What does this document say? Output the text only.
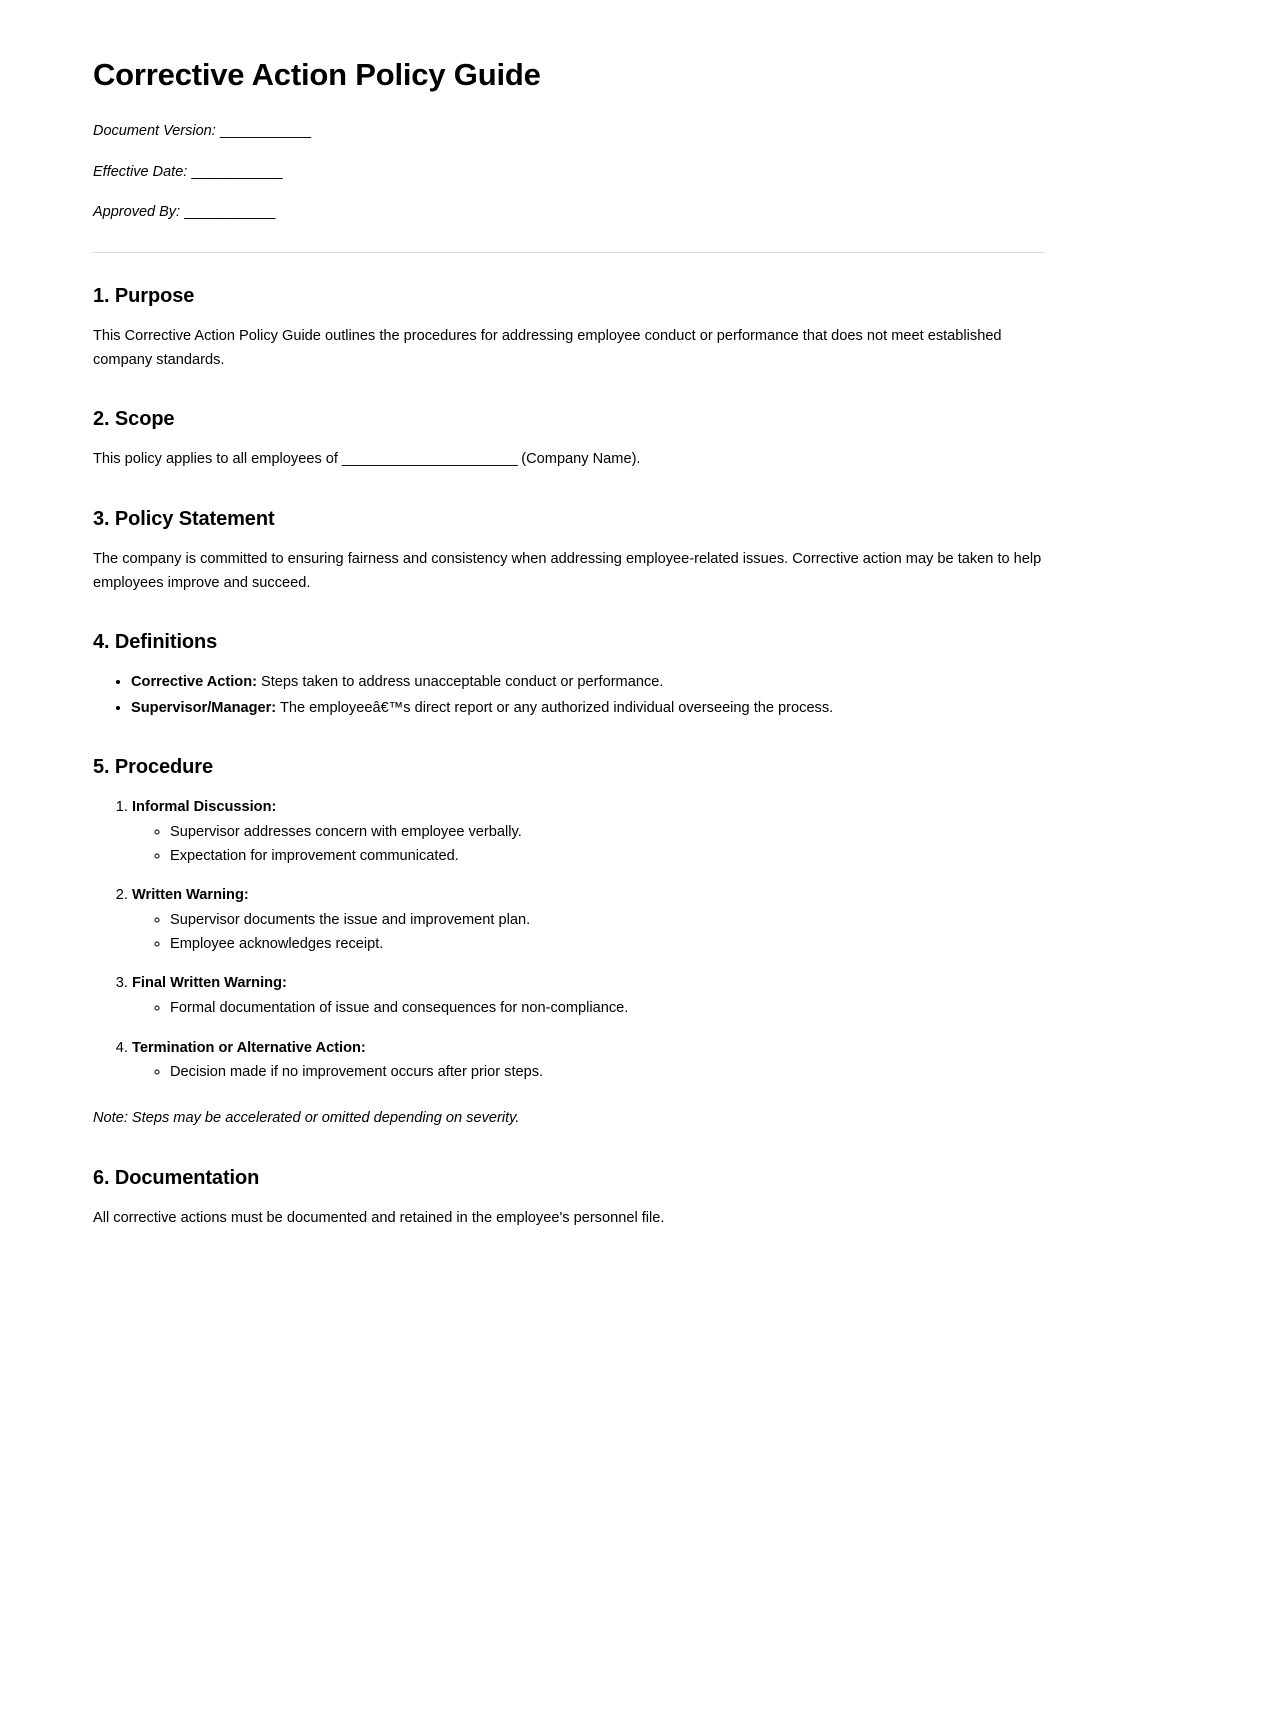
Corrective Action Policy Guide

Document Version: ____________

Effective Date: ____________

Approved By: ____________

1. Purpose

This Corrective Action Policy Guide outlines the procedures for addressing employee conduct or performance that does not meet established company standards.

2. Scope

This policy applies to all employees of _______________________ (Company Name).

3. Policy Statement

The company is committed to ensuring fairness and consistency when addressing employee-related issues. Corrective action may be taken to help employees improve and succeed.

4. Definitions
• Corrective Action: Steps taken to address unacceptable conduct or performance.
• Supervisor/Manager: The employeeâ€™s direct report or any authorized individual overseeing the process.
5. Procedure
1. Informal Discussion:
◦ Supervisor addresses concern with employee verbally.
◦ Expectation for improvement communicated.
2. Written Warning:
◦ Supervisor documents the issue and improvement plan.
◦ Employee acknowledges receipt.
3. Final Written Warning:
◦ Formal documentation of issue and consequences for non-compliance.
4. Termination or Alternative Action:
◦ Decision made if no improvement occurs after prior steps.

Note: Steps may be accelerated or omitted depending on severity.

6. Documentation

All corrective actions must be documented and retained in the employee's personnel file.
